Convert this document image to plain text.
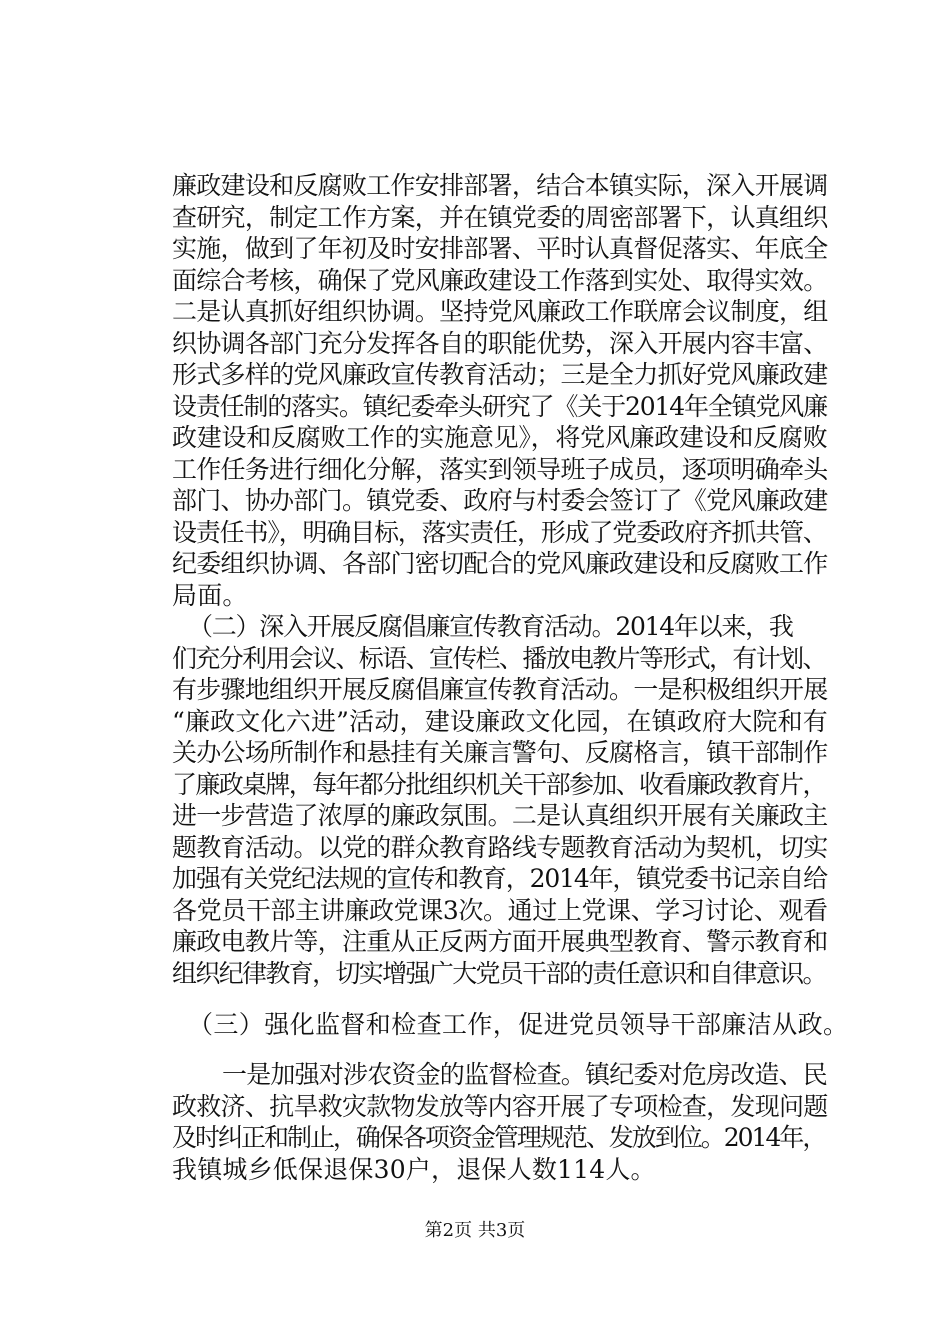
廉政建设和反腐败工作安排部署，结合本镇实际，深入开展调
查研究，制定工作方案，并在镇党委的周密部署下，认真组织
实施，做到了年初及时安排部署、平时认真督促落实、年底全
面综合考核，确保了党风廉政建设工作落到实处、取得实效。
二是认真抓好组织协调。坚持党风廉政工作联席会议制度，组
织协调各部门充分发挥各自的职能优势，深入开展内容丰富、
形式多样的党风廉政宣传教育活动；三是全力抓好党风廉政建
设责任制的落实。镇纪委牵头研究了《关于2014年全镇党风廉
政建设和反腐败工作的实施意见》，将党风廉政建设和反腐败
工作任务进行细化分解，落实到领导班子成员，逐项明确牵头
部门、协办部门。镇党委、政府与村委会签订了《党风廉政建
设责任书》，明确目标，落实责任，形成了党委政府齐抓共管、
纪委组织协调、各部门密切配合的党风廉政建设和反腐败工作
局面。
（二）深入开展反腐倡廉宣传教育活动。2014年以来，我
们充分利用会议、标语、宣传栏、播放电教片等形式，有计划、
有步骤地组织开展反腐倡廉宣传教育活动。一是积极组织开展
“廉政文化六进”活动，建设廉政文化园，在镇政府大院和有
关办公场所制作和悬挂有关廉言警句、反腐格言，镇干部制作
了廉政桌牌，每年都分批组织机关干部参加、收看廉政教育片，
进一步营造了浓厚的廉政氛围。二是认真组织开展有关廉政主
题教育活动。以党的群众教育路线专题教育活动为契机，切实
加强有关党纪法规的宣传和教育，2014年，镇党委书记亲自给
各党员干部主讲廉政党课3次。通过上党课、学习讨论、观看
廉政电教片等，注重从正反两方面开展典型教育、警示教育和
组织纪律教育，切实增强广大党员干部的责任意识和自律意识。
（三）强化监督和检查工作，促进党员领导干部廉洁从政。
一是加强对涉农资金的监督检查。镇纪委对危房改造、民
政救济、抗旱救灾款物发放等内容开展了专项检查，发现问题
及时纠正和制止，确保各项资金管理规范、发放到位。2014年，
我镇城乡低保退保30户，退保人数114人。
第2页 共3页
